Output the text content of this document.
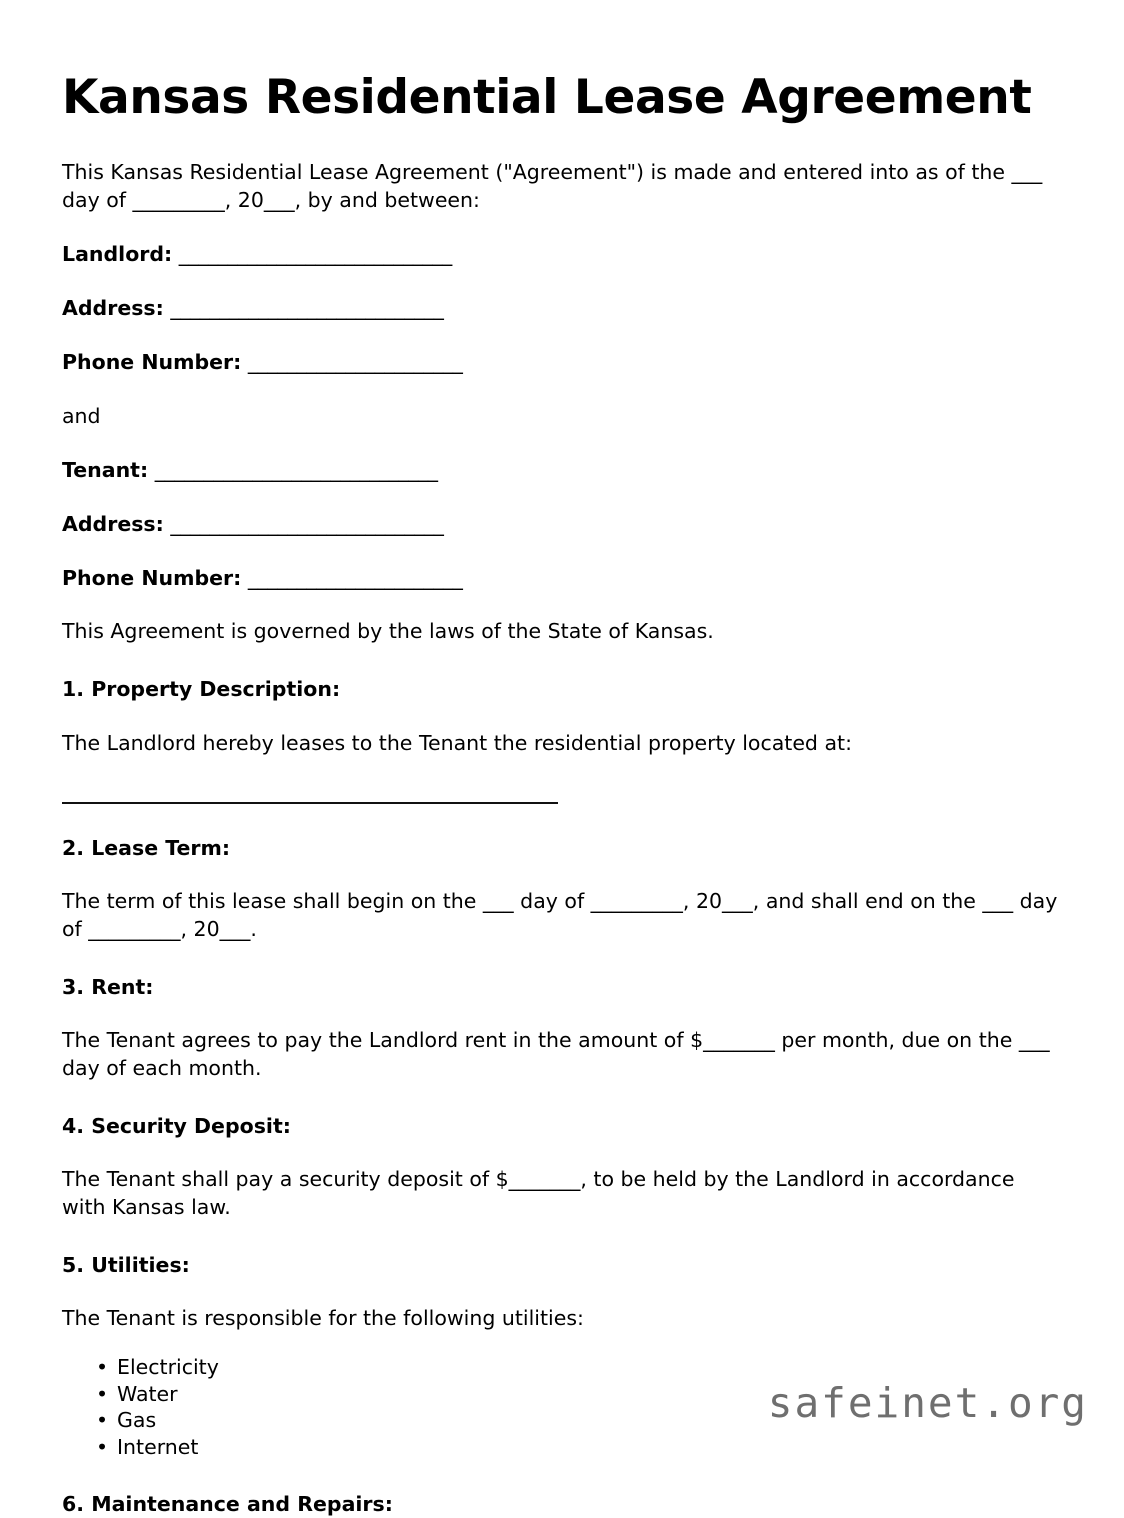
Kansas Residential Lease Agreement

This Kansas Residential Lease Agreement ("Agreement") is made and entered into as of the ___ day of _________, 20___, by and between:

Landlord: ____________________________

Address: ____________________________

Phone Number: ______________________

and

Tenant: _____________________________

Address: ____________________________

Phone Number: ______________________

This Agreement is governed by the laws of the State of Kansas.

1. Property Description:

The Landlord hereby leases to the Tenant the residential property located at:

2. Lease Term:

The term of this lease shall begin on the ___ day of _________, 20___, and shall end on the ___ day of _________, 20___.

3. Rent:

The Tenant agrees to pay the Landlord rent in the amount of $_______ per month, due on the ___ day of each month.

4. Security Deposit:

The Tenant shall pay a security deposit of $_______, to be held by the Landlord in accordance with Kansas law.

5. Utilities:

The Tenant is responsible for the following utilities:

• Electricity
• Water
• Gas
• Internet
6. Maintenance and Repairs:
safeinet.org
